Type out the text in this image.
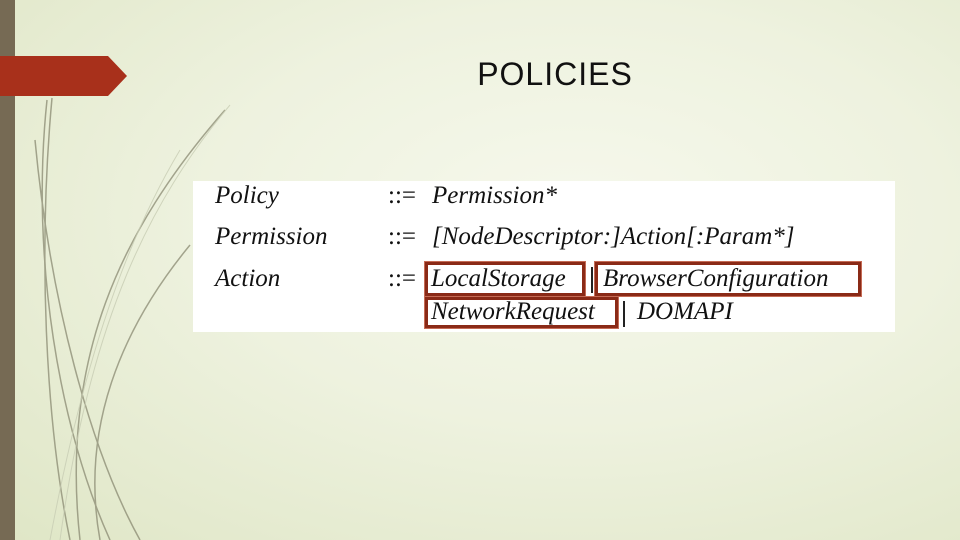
POLICIES
Policy	::= Permission*
Permission ::= [NodeDescriptor:]Action[:Param*]
Action	::= LocalStorage BrowserConfiguration
NetworkRequest DOMAPI
